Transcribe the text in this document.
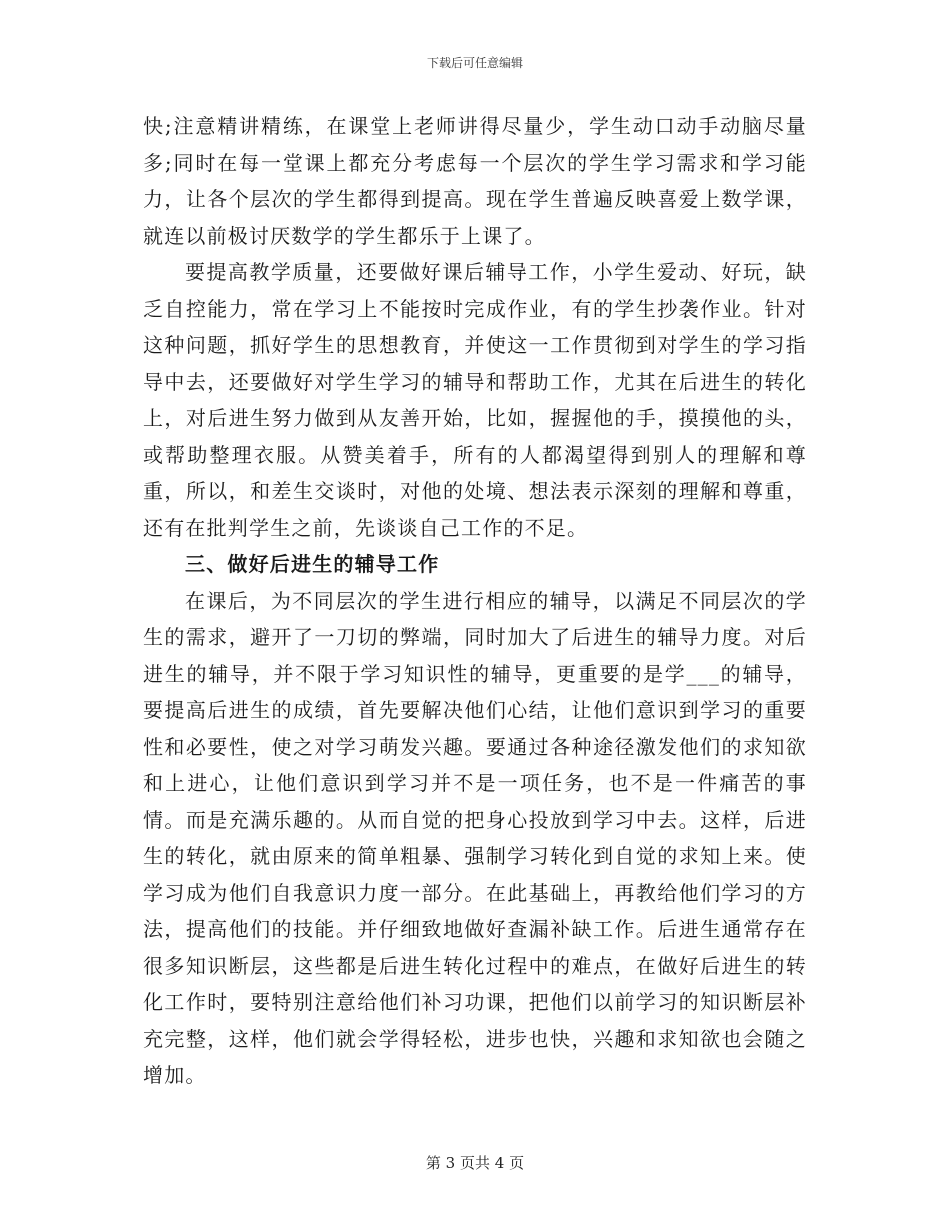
下载后可任意编辑

快;注意精讲精练，在课堂上老师讲得尽量少，学生动口动手动脑尽量多;同时在每一堂课上都充分考虑每一个层次的学生学习需求和学习能力，让各个层次的学生都得到提高。现在学生普遍反映喜爱上数学课，就连以前极讨厌数学的学生都乐于上课了。

要提高教学质量，还要做好课后辅导工作，小学生爱动、好玩，缺乏自控能力，常在学习上不能按时完成作业，有的学生抄袭作业。针对这种问题，抓好学生的思想教育，并使这一工作贯彻到对学生的学习指导中去，还要做好对学生学习的辅导和帮助工作，尤其在后进生的转化上，对后进生努力做到从友善开始，比如，握握他的手，摸摸他的头，或帮助整理衣服。从赞美着手，所有的人都渴望得到别人的理解和尊重，所以，和差生交谈时，对他的处境、想法表示深刻的理解和尊重，还有在批判学生之前，先谈谈自己工作的不足。

三、做好后进生的辅导工作

在课后，为不同层次的学生进行相应的辅导，以满足不同层次的学生的需求，避开了一刀切的弊端，同时加大了后进生的辅导力度。对后进生的辅导，并不限于学习知识性的辅导，更重要的是学___的辅导，要提高后进生的成绩，首先要解决他们心结，让他们意识到学习的重要性和必要性，使之对学习萌发兴趣。要通过各种途径激发他们的求知欲和上进心，让他们意识到学习并不是一项任务，也不是一件痛苦的事情。而是充满乐趣的。从而自觉的把身心投放到学习中去。这样，后进生的转化，就由原来的简单粗暴、强制学习转化到自觉的求知上来。使学习成为他们自我意识力度一部分。在此基础上，再教给他们学习的方法，提高他们的技能。并仔细致地做好查漏补缺工作。后进生通常存在很多知识断层，这些都是后进生转化过程中的难点，在做好后进生的转化工作时，要特别注意给他们补习功课，把他们以前学习的知识断层补充完整，这样，他们就会学得轻松，进步也快，兴趣和求知欲也会随之增加。

第 3 页共 4 页
